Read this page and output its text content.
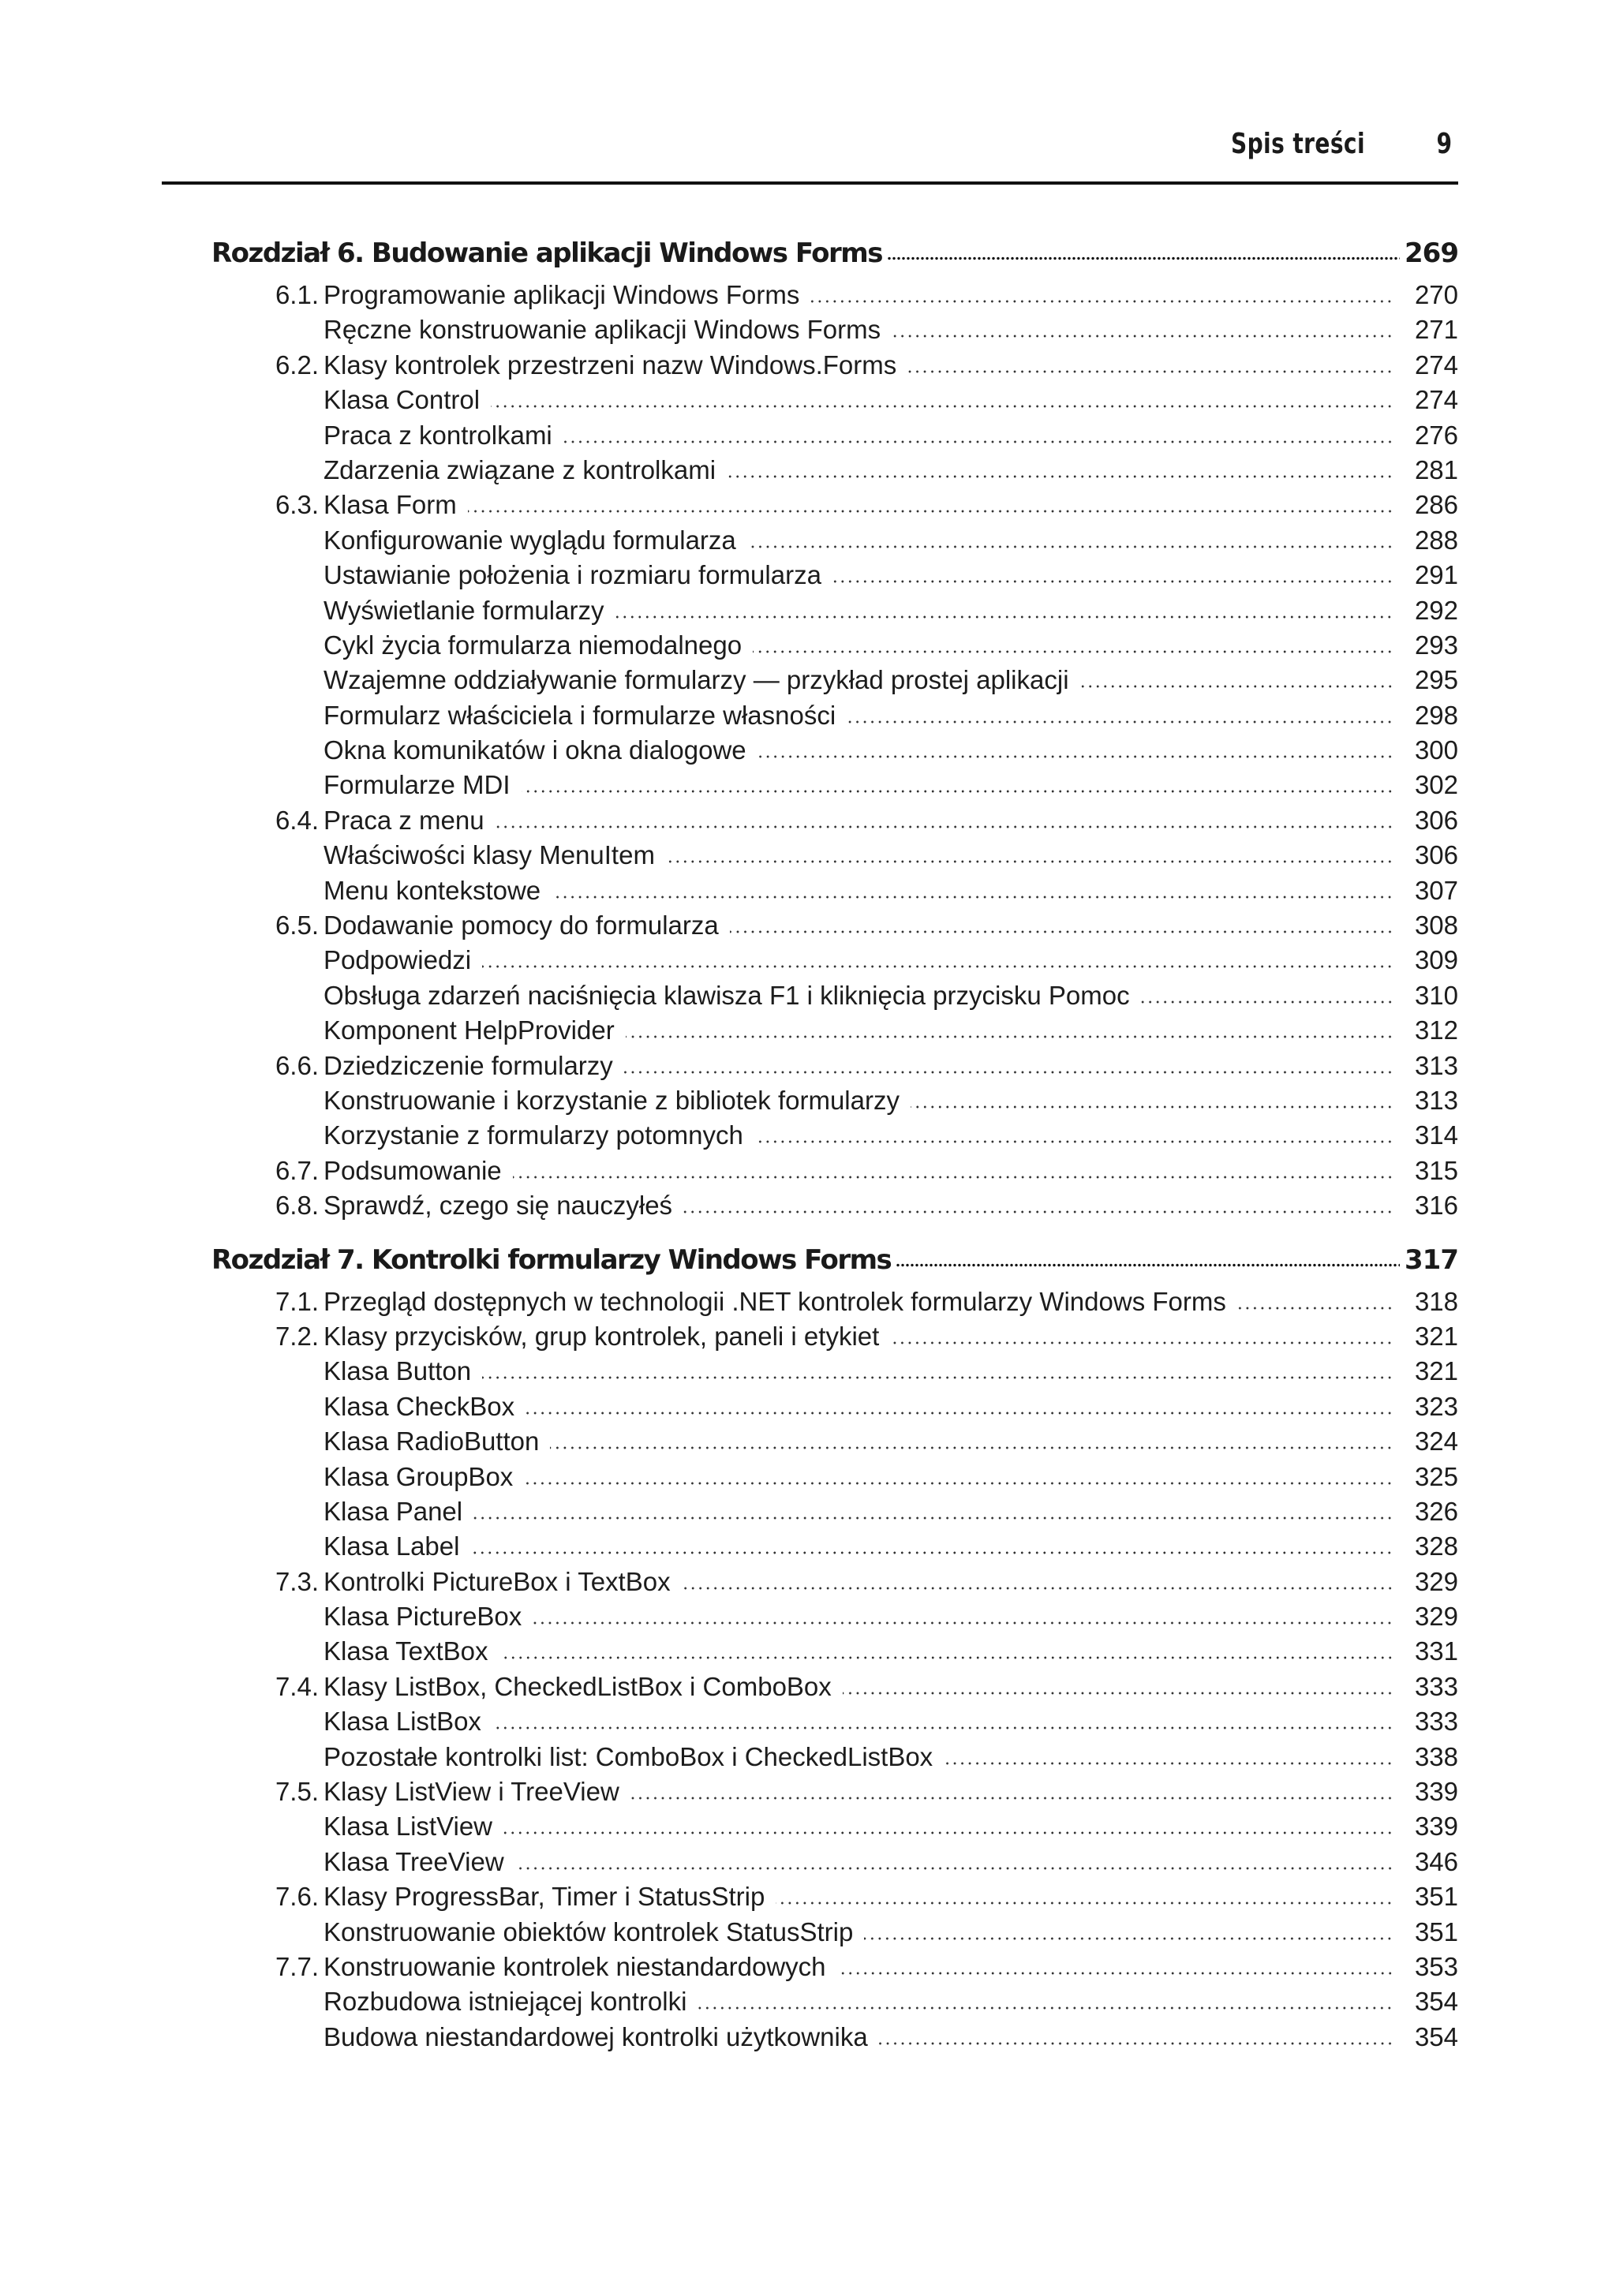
Spis treści	9
Rozdział 6. Budowanie aplikacji Windows Forms	269
6.1. Programowanie aplikacji Windows Forms	270
Ręczne konstruowanie aplikacji Windows Forms	271
6.2. Klasy kontrolek przestrzeni nazw Windows.Forms	274
Klasa Control	274
Praca z kontrolkami	276
Zdarzenia związane z kontrolkami	281
6.3. Klasa Form	286
Konfigurowanie wyglądu formularza	288
Ustawianie położenia i rozmiaru formularza	291
Wyświetlanie formularzy	292
Cykl życia formularza niemodalnego	293
Wzajemne oddziaływanie formularzy — przykład prostej aplikacji	295
Formularz właściciela i formularze własności	298
Okna komunikatów i okna dialogowe	300
Formularze MDI	302
6.4. Praca z menu	306
Właściwości klasy MenuItem	306
Menu kontekstowe	307
6.5. Dodawanie pomocy do formularza	308
Podpowiedzi	309
Obsługa zdarzeń naciśnięcia klawisza F1 i kliknięcia przycisku Pomoc	310
Komponent HelpProvider	312
6.6. Dziedziczenie formularzy	313
Konstruowanie i korzystanie z bibliotek formularzy	313
Korzystanie z formularzy potomnych	314
6.7. Podsumowanie	315
6.8. Sprawdź, czego się nauczyłeś	316
Rozdział 7. Kontrolki formularzy Windows Forms	317
7.1. Przegląd dostępnych w technologii .NET kontrolek formularzy Windows Forms	318
7.2. Klasy przycisków, grup kontrolek, paneli i etykiet	321
Klasa Button	321
Klasa CheckBox	323
Klasa RadioButton	324
Klasa GroupBox	325
Klasa Panel	326
Klasa Label	328
7.3. Kontrolki PictureBox i TextBox	329
Klasa PictureBox	329
Klasa TextBox	331
7.4. Klasy ListBox, CheckedListBox i ComboBox	333
Klasa ListBox	333
Pozostałe kontrolki list: ComboBox i CheckedListBox	338
7.5. Klasy ListView i TreeView	339
Klasa ListView	339
Klasa TreeView	346
7.6. Klasy ProgressBar, Timer i StatusStrip	351
Konstruowanie obiektów kontrolek StatusStrip	351
7.7. Konstruowanie kontrolek niestandardowych	353
Rozbudowa istniejącej kontrolki	354
Budowa niestandardowej kontrolki użytkownika	354
